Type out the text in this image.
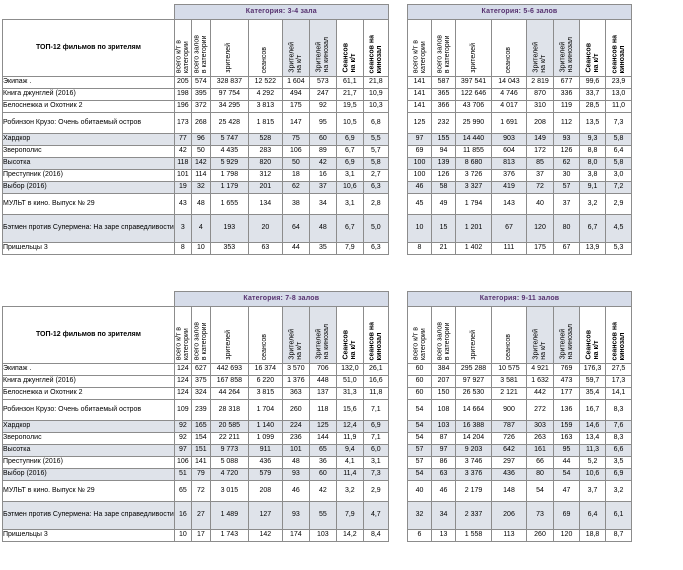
	Категория: 3-4 зала							
ТОП-12 фильмов по зрителям	всего к/т в
категории	всего залов
в категории	зрителей	сеансов	Зрителей
на к/т	Зрителей
на кинозал	Сеансов
на к/т	сеансов на
кинозал

Экипаж .	205	574	328 837	12 522	1 604	573	61,1	21,8
Книга джунглей (2016)	198	395	97 754	4 292	494	247	21,7	10,9
Белоснежка и Охотник 2	196	372	34 295	3 813	175	92	19,5	10,3
Робинзон Крузо: Очень обитаемый остров	173	268	25 428	1 815	147	95	10,5	6,8
Хардкор	77	96	5 747	528	75	60	6,9	5,5
Зверополис	42	50	4 435	283	106	89	6,7	5,7
Высотка	118	142	5 929	820	50	42	6,9	5,8
Преступник (2016)	101	114	1 798	312	18	16	3,1	2,7
Выбор (2016)	19	32	1 179	201	62	37	10,6	6,3
МУЛЬТ в кино. Выпуск № 29	43	48	1 655	134	38	34	3,1	2,8
Бэтмен против Супермена: На заре справедливости	3	4	193	20	64	48	6,7	5,0
Пришельцы 3	8	10	353	63	44	35	7,9	6,3
Категория: 5-6 залов							

всего к/т в
категории	всего залов
в категории	зрителей	сеансов	Зрителей
на к/т	Зрителей
на кинозал	Сеансов
на к/т	сеансов на
кинозал

141	587	397 541	14 043	2 819	677	99,6	23,9
141	365	122 646	4 746	870	336	33,7	13,0
141	366	43 706	4 017	310	119	28,5	11,0
125	232	25 990	1 691	208	112	13,5	7,3
97	155	14 440	903	149	93	9,3	5,8
69	94	11 855	604	172	126	8,8	6,4
100	139	8 680	813	85	62	8,0	5,8
100	126	3 726	376	37	30	3,8	3,0
46	58	3 327	419	72	57	9,1	7,2
45	49	1 794	143	40	37	3,2	2,9
10	15	1 201	67	120	80	6,7	4,5
8	21	1 402	111	175	67	13,9	5,3
	Категория: 7-8 залов							
ТОП-12 фильмов по зрителям	всего к/т в
категории	всего залов
в категории	зрителей	сеансов	Зрителей
на к/т	Зрителей
на кинозал	Сеансов
на к/т	сеансов на
кинозал

Экипаж .	124	627	442 693	16 374	3 570	706	132,0	26,1
Книга джунглей (2016)	124	375	167 858	6 220	1 376	448	51,0	16,6
Белоснежка и Охотник 2	124	324	44 264	3 815	363	137	31,3	11,8
Робинзон Крузо: Очень обитаемый остров	109	239	28 318	1 704	260	118	15,6	7,1
Хардкор	92	165	20 585	1 140	224	125	12,4	6,9
Зверополис	92	154	22 211	1 099	236	144	11,9	7,1
Высотка	97	151	9 773	911	101	65	9,4	6,0
Преступник (2016)	106	141	5 088	436	48	36	4,1	3,1
Выбор (2016)	51	79	4 720	579	93	60	11,4	7,3
МУЛЬТ в кино. Выпуск № 29	65	72	3 015	208	46	42	3,2	2,9
Бэтмен против Супермена: На заре справедливости	16	27	1 489	127	93	55	7,9	4,7
Пришельцы 3	10	17	1 743	142	174	103	14,2	8,4
Категория: 9-11 залов							

всего к/т в
категории	всего залов
в категории	зрителей	сеансов	Зрителей
на к/т	Зрителей
на кинозал	Сеансов
на к/т	сеансов на
кинозал

60	384	295 288	10 575	4 921	769	176,3	27,5
60	207	97 927	3 581	1 632	473	59,7	17,3
60	150	26 530	2 121	442	177	35,4	14,1
54	108	14 664	900	272	136	16,7	8,3
54	103	16 388	787	303	159	14,6	7,6
54	87	14 204	726	263	163	13,4	8,3
57	97	9 203	642	161	95	11,3	6,6
57	86	3 746	297	66	44	5,2	3,5
54	63	3 376	436	80	54	10,6	6,9
40	46	2 179	148	54	47	3,7	3,2
32	34	2 337	206	73	69	6,4	6,1
6	13	1 558	113	260	120	18,8	8,7
